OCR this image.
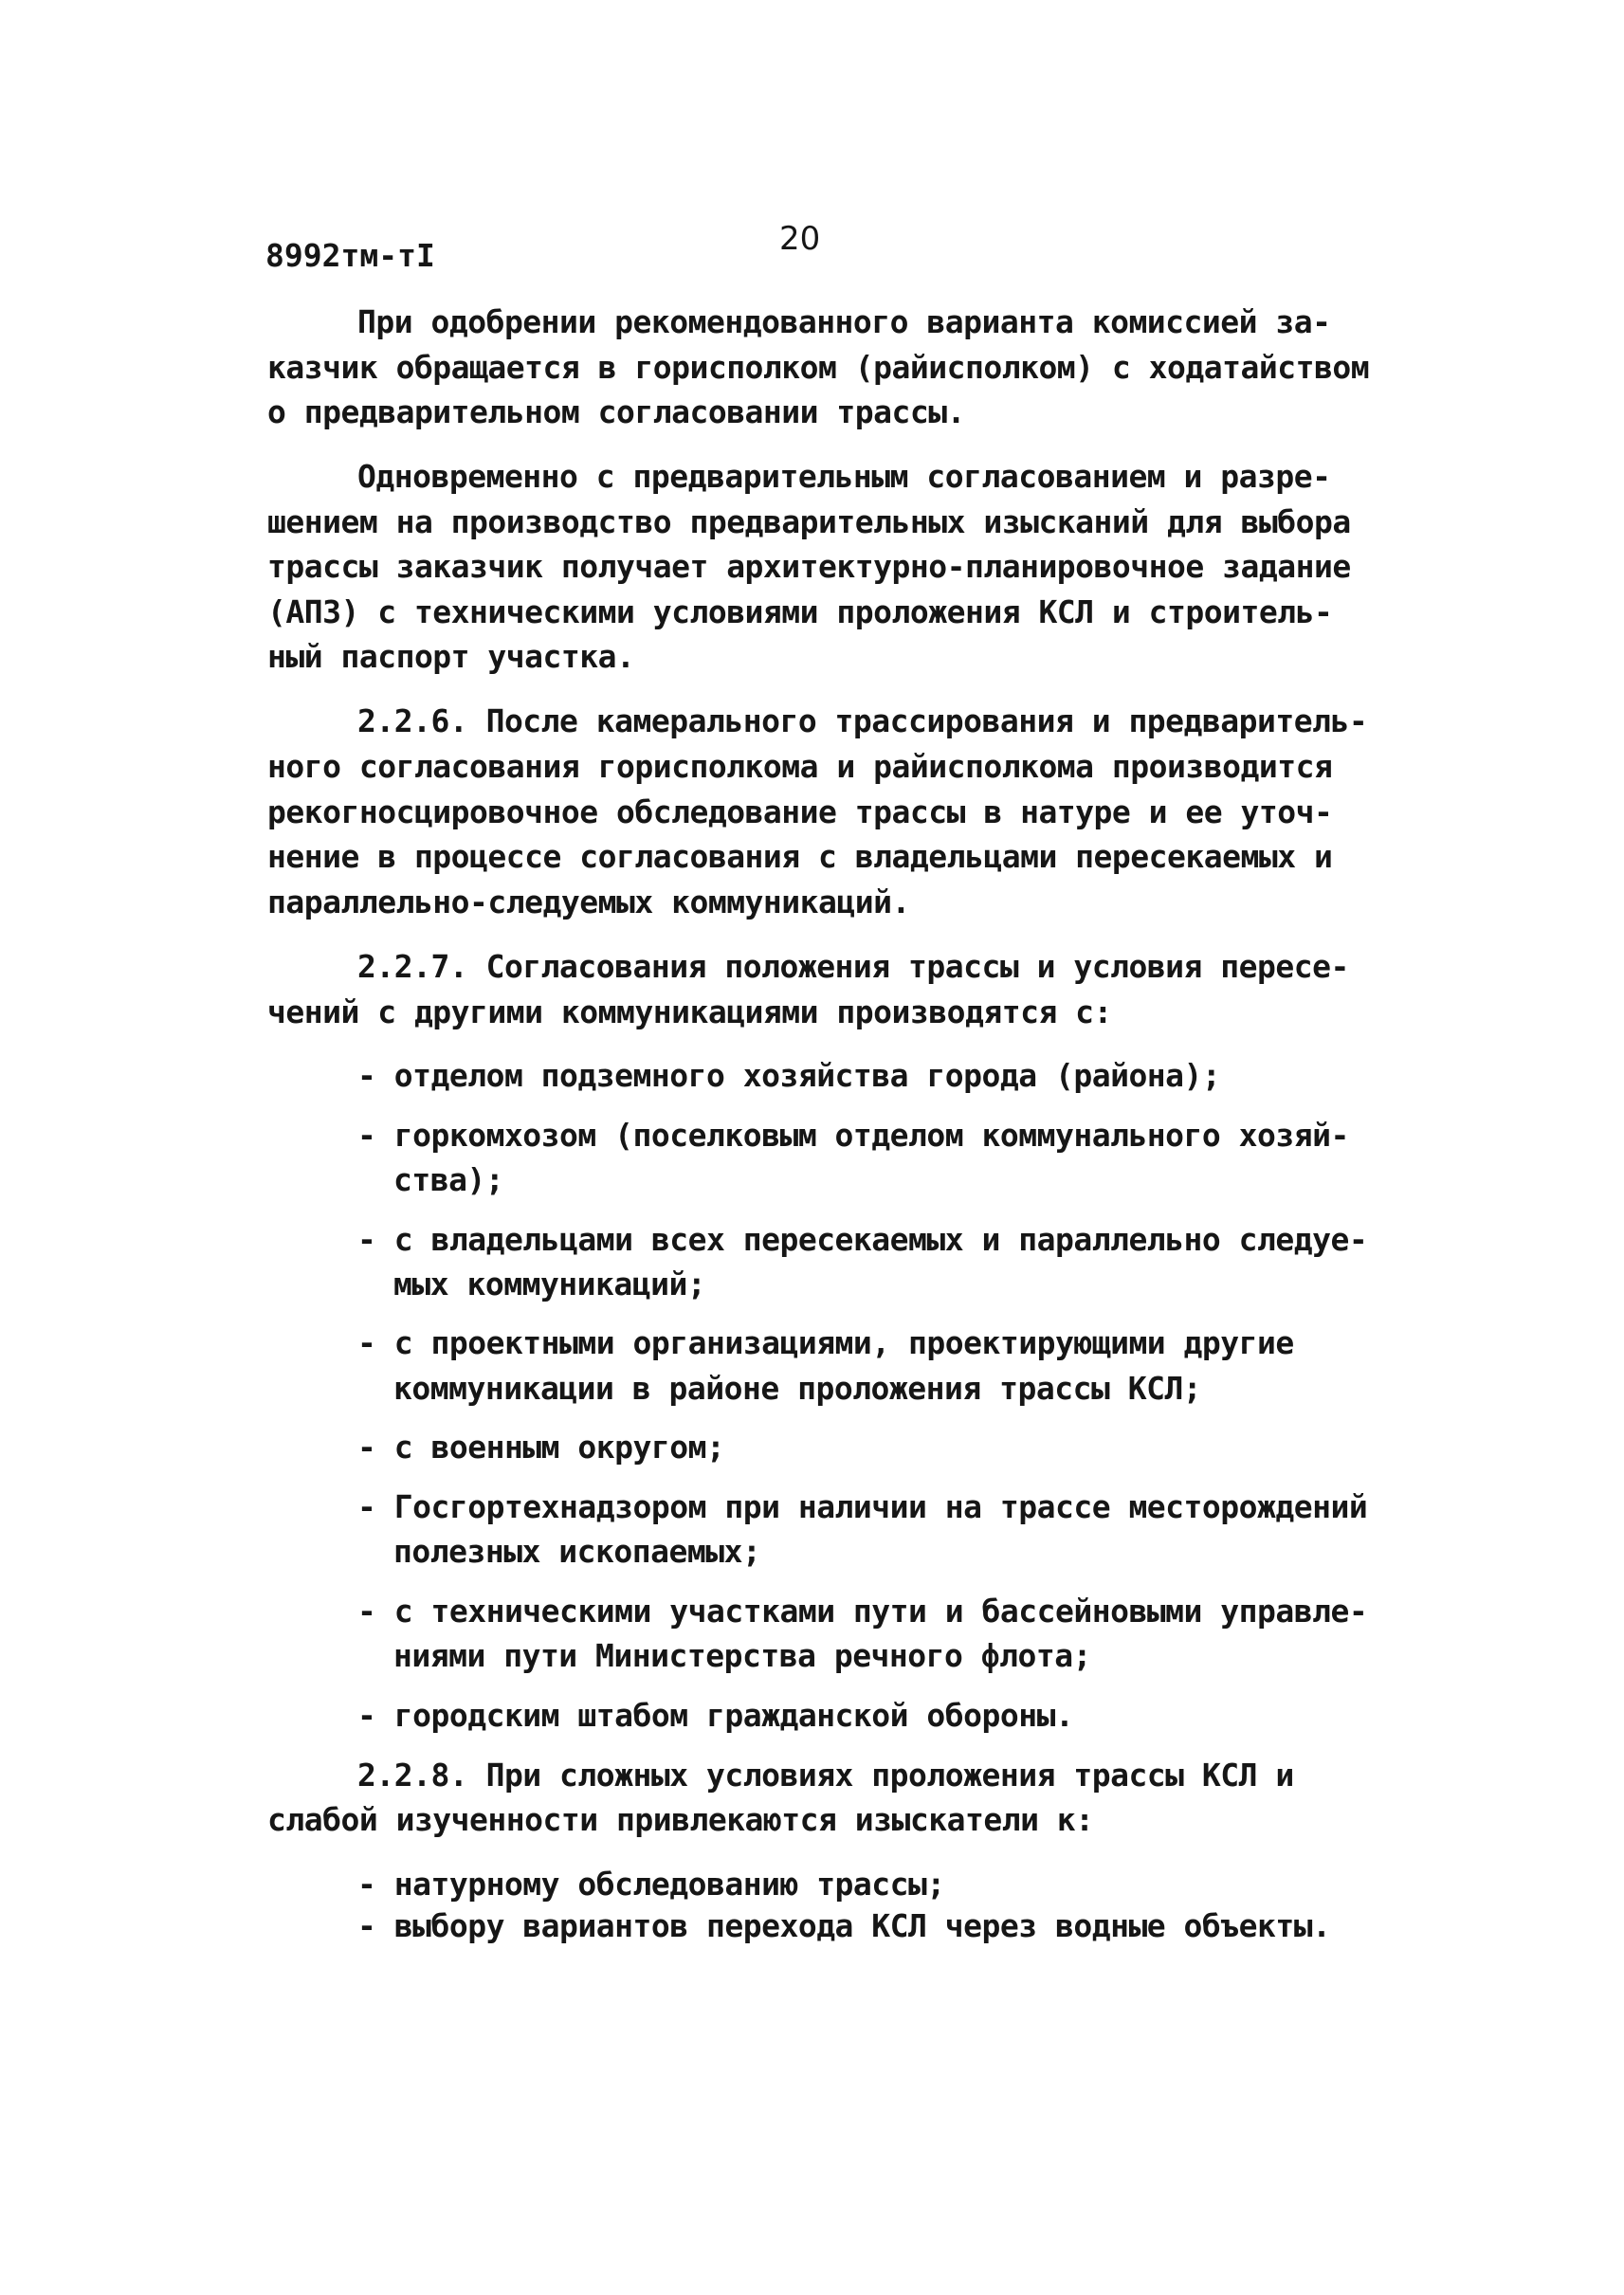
8992тм-тI	20
При одобрении рекомендованного варианта комиссией за-
казчик обращается в горисполком (райисполком) с ходатайством
о предварительном согласовании трассы.
Одновременно с предварительным согласованием и разре-
шением на производство предварительных изысканий для выбора
трассы заказчик получает архитектурно-планировочное задание
(АПЗ) с техническими условиями проложения КСЛ и строитель-
ный паспорт участка.
2.2.6. После камерального трассирования и предваритель-
ного согласования горисполкома и райисполкома производится
рекогносцировочное обследование трассы в натуре и ее уточ-
нение в процессе согласования с владельцами пересекаемых и
параллельно-следуемых коммуникаций.
2.2.7. Согласования положения трассы и условия пересе-
чений с другими коммуникациями производятся с:
- отделом подземного хозяйства города (района);
- горкомхозом (поселковым отделом коммунального хозяй-
ства);
- с владельцами всех пересекаемых и параллельно следуе-
мых коммуникаций;
- с проектными организациями, проектирующими другие
коммуникации в районе проложения трассы КСЛ;
- с военным округом;
- Госгортехнадзором при наличии на трассе месторождений
полезных ископаемых;
- с техническими участками пути и бассейновыми управле-
ниями пути Министерства речного флота;
- городским штабом гражданской обороны.
2.2.8. При сложных условиях проложения трассы КСЛ и
слабой изученности привлекаются изыскатели к:
- натурному обследованию трассы;
- выбору вариантов перехода КСЛ через водные объекты.
